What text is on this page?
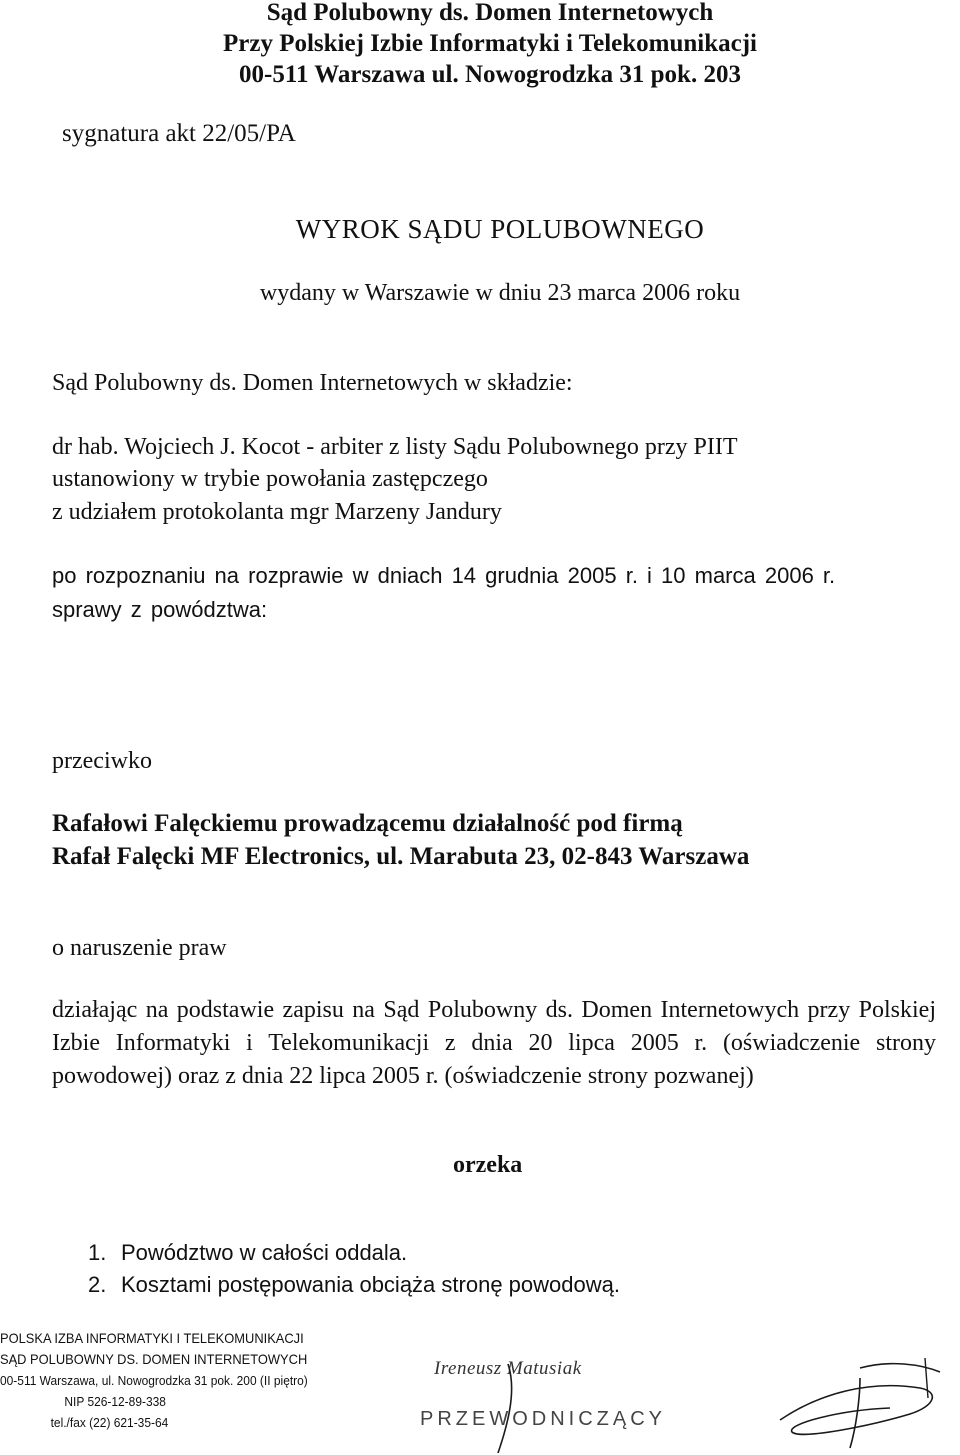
Sąd Polubowny ds. Domen Internetowych
Przy Polskiej Izbie Informatyki i Telekomunikacji
00-511 Warszawa ul. Nowogrodzka 31 pok. 203
sygnatura akt 22/05/PA
WYROK SĄDU POLUBOWNEGO
wydany w Warszawie w dniu 23 marca 2006 roku
Sąd Polubowny ds. Domen Internetowych w składzie:
dr hab. Wojciech J. Kocot - arbiter z listy Sądu Polubownego przy PIIT
ustanowiony w trybie powołania zastępczego
z udziałem protokolanta mgr Marzeny Jandury
po rozpoznaniu na rozprawie w dniach 14 grudnia 2005 r. i 10 marca 2006 r.
sprawy z powództwa:
przeciwko
Rafałowi Falęckiemu prowadzącemu działalność pod firmą
Rafał Falęcki MF Electronics, ul. Marabuta 23, 02-843 Warszawa
o naruszenie praw

działając na podstawie zapisu na Sąd Polubowny ds. Domen Internetowych przy Polskiej Izbie Informatyki i Telekomunikacji z dnia 20 lipca 2005 r. (oświadczenie strony powodowej) oraz z dnia 22 lipca 2005 r. (oświadczenie strony pozwanej)

orzeka
1. Powództwo w całości oddala.
2. Kosztami postępowania obciąża stronę powodową.
POLSKA IZBA INFORMATYKI I TELEKOMUNIKACJI
SĄD POLUBOWNY DS. DOMEN INTERNETOWYCH
00-511 Warszawa, ul. Nowogrodzka 31 pok. 200 (II piętro)
NIP 526-12-89-338
tel./fax (22) 621-35-64
Ireneusz Matusiak
PRZEWODNICZĄCY
